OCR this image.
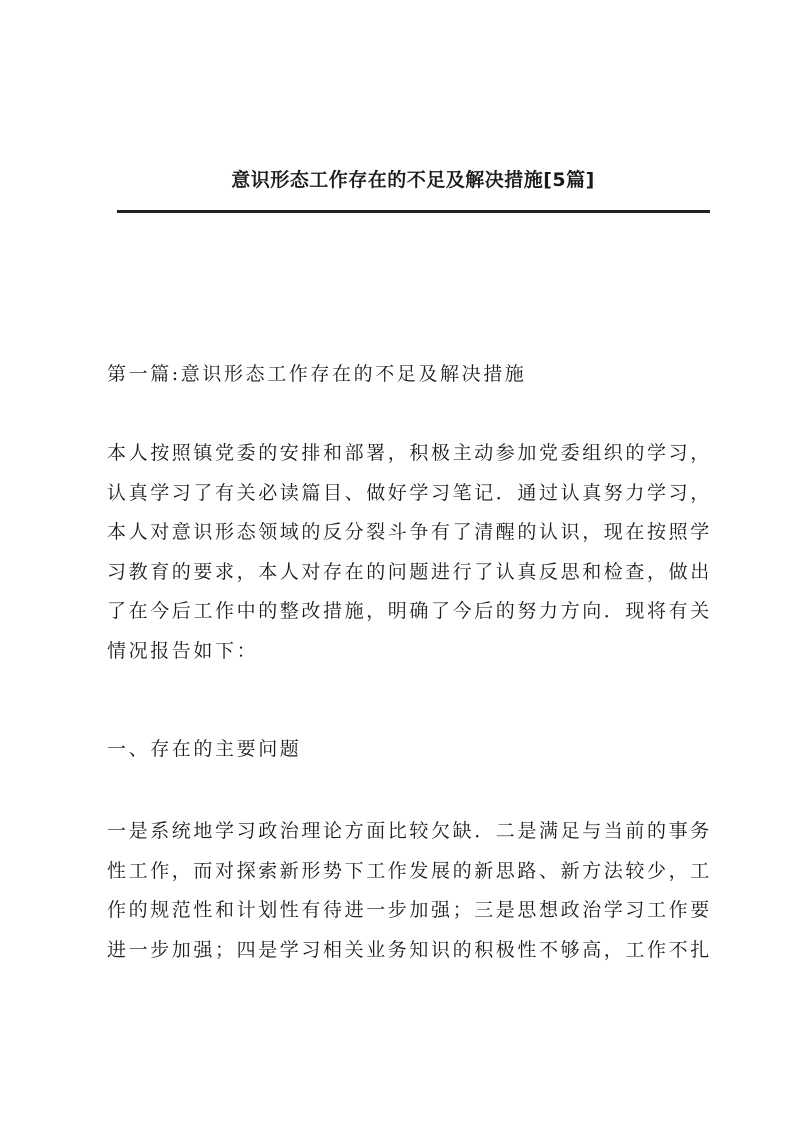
意识形态工作存在的不足及解决措施[5篇]

第一篇:意识形态工作存在的不足及解决措施

本人按照镇党委的安排和部署，积极主动参加党委组织的学习，
认真学习了有关必读篇目、做好学习笔记．通过认真努力学习，
本人对意识形态领域的反分裂斗争有了清醒的认识，现在按照学
习教育的要求，本人对存在的问题进行了认真反思和检查，做出
了在今后工作中的整改措施，明确了今后的努力方向．现将有关
情况报告如下：

一、存在的主要问题

一是系统地学习政治理论方面比较欠缺．二是满足与当前的事务
性工作，而对探索新形势下工作发展的新思路、新方法较少，工
作的规范性和计划性有待进一步加强；三是思想政治学习工作要
进一步加强；四是学习相关业务知识的积极性不够高，工作不扎
